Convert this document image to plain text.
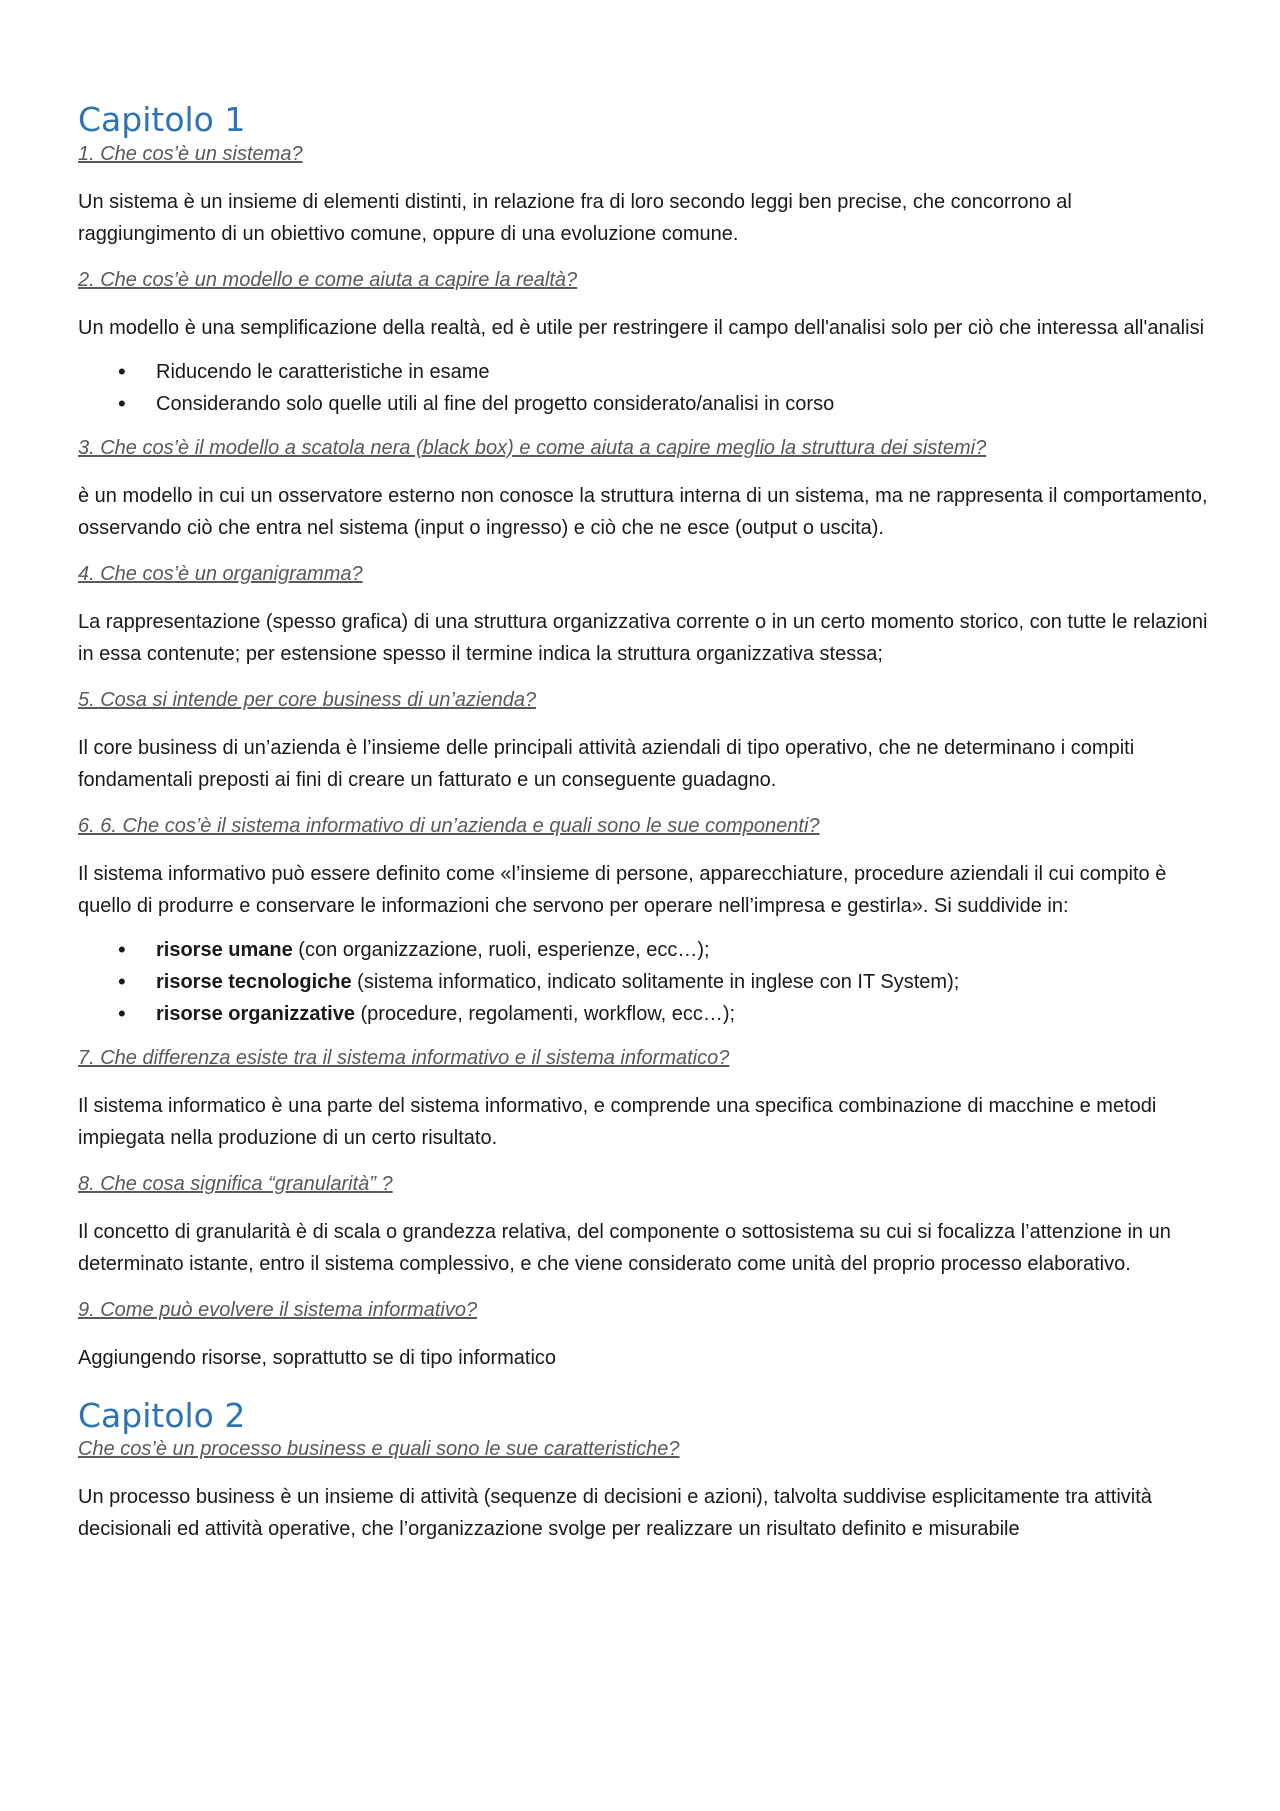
Capitolo 1

1. Che cos’è un sistema?

Un sistema è un insieme di elementi distinti, in relazione fra di loro secondo leggi ben precise, che concorrono al raggiungimento di un obiettivo comune, oppure di una evoluzione comune.

2. Che cos’è un modello e come aiuta a capire la realtà?

Un modello è una semplificazione della realtà, ed è utile per restringere il campo dell'analisi solo per ciò che interessa all'analisi

• Riducendo le caratteristiche in esame
• Considerando solo quelle utili al fine del progetto considerato/analisi in corso

3. Che cos’è il modello a scatola nera (black box) e come aiuta a capire meglio la struttura dei sistemi?

è un modello in cui un osservatore esterno non conosce la struttura interna di un sistema, ma ne rappresenta il comportamento, osservando ciò che entra nel sistema (input o ingresso) e ciò che ne esce (output o uscita).

4. Che cos’è un organigramma?

La rappresentazione (spesso grafica) di una struttura organizzativa corrente o in un certo momento storico, con tutte le relazioni in essa contenute; per estensione spesso il termine indica la struttura organizzativa stessa;

5. Cosa si intende per core business di un’azienda?

Il core business di un’azienda è l’insieme delle principali attività aziendali di tipo operativo, che ne determinano i compiti fondamentali preposti ai fini di creare un fatturato e un conseguente guadagno.

6. 6. Che cos’è il sistema informativo di un’azienda e quali sono le sue componenti?

Il sistema informativo può essere definito come «l’insieme di persone, apparecchiature, procedure aziendali il cui compito è quello di produrre e conservare le informazioni che servono per operare nell’impresa e gestirla». Si suddivide in:

• risorse umane (con organizzazione, ruoli, esperienze, ecc…);
• risorse tecnologiche (sistema informatico, indicato solitamente in inglese con IT System);
• risorse organizzative (procedure, regolamenti, workflow, ecc…);

7. Che differenza esiste tra il sistema informativo e il sistema informatico?

Il sistema informatico è una parte del sistema informativo, e comprende una specifica combinazione di macchine e metodi impiegata nella produzione di un certo risultato.

8. Che cosa significa “granularità” ?

Il concetto di granularità è di scala o grandezza relativa, del componente o sottosistema su cui si focalizza l’attenzione in un determinato istante, entro il sistema complessivo, e che viene considerato come unità del proprio processo elaborativo.

9. Come può evolvere il sistema informativo?

Aggiungendo risorse, soprattutto se di tipo informatico

Capitolo 2

Che cos’è un processo business e quali sono le sue caratteristiche?

Un processo business è un insieme di attività (sequenze di decisioni e azioni), talvolta suddivise esplicitamente tra attività decisionali ed attività operative, che l’organizzazione svolge per realizzare un risultato definito e misurabile
